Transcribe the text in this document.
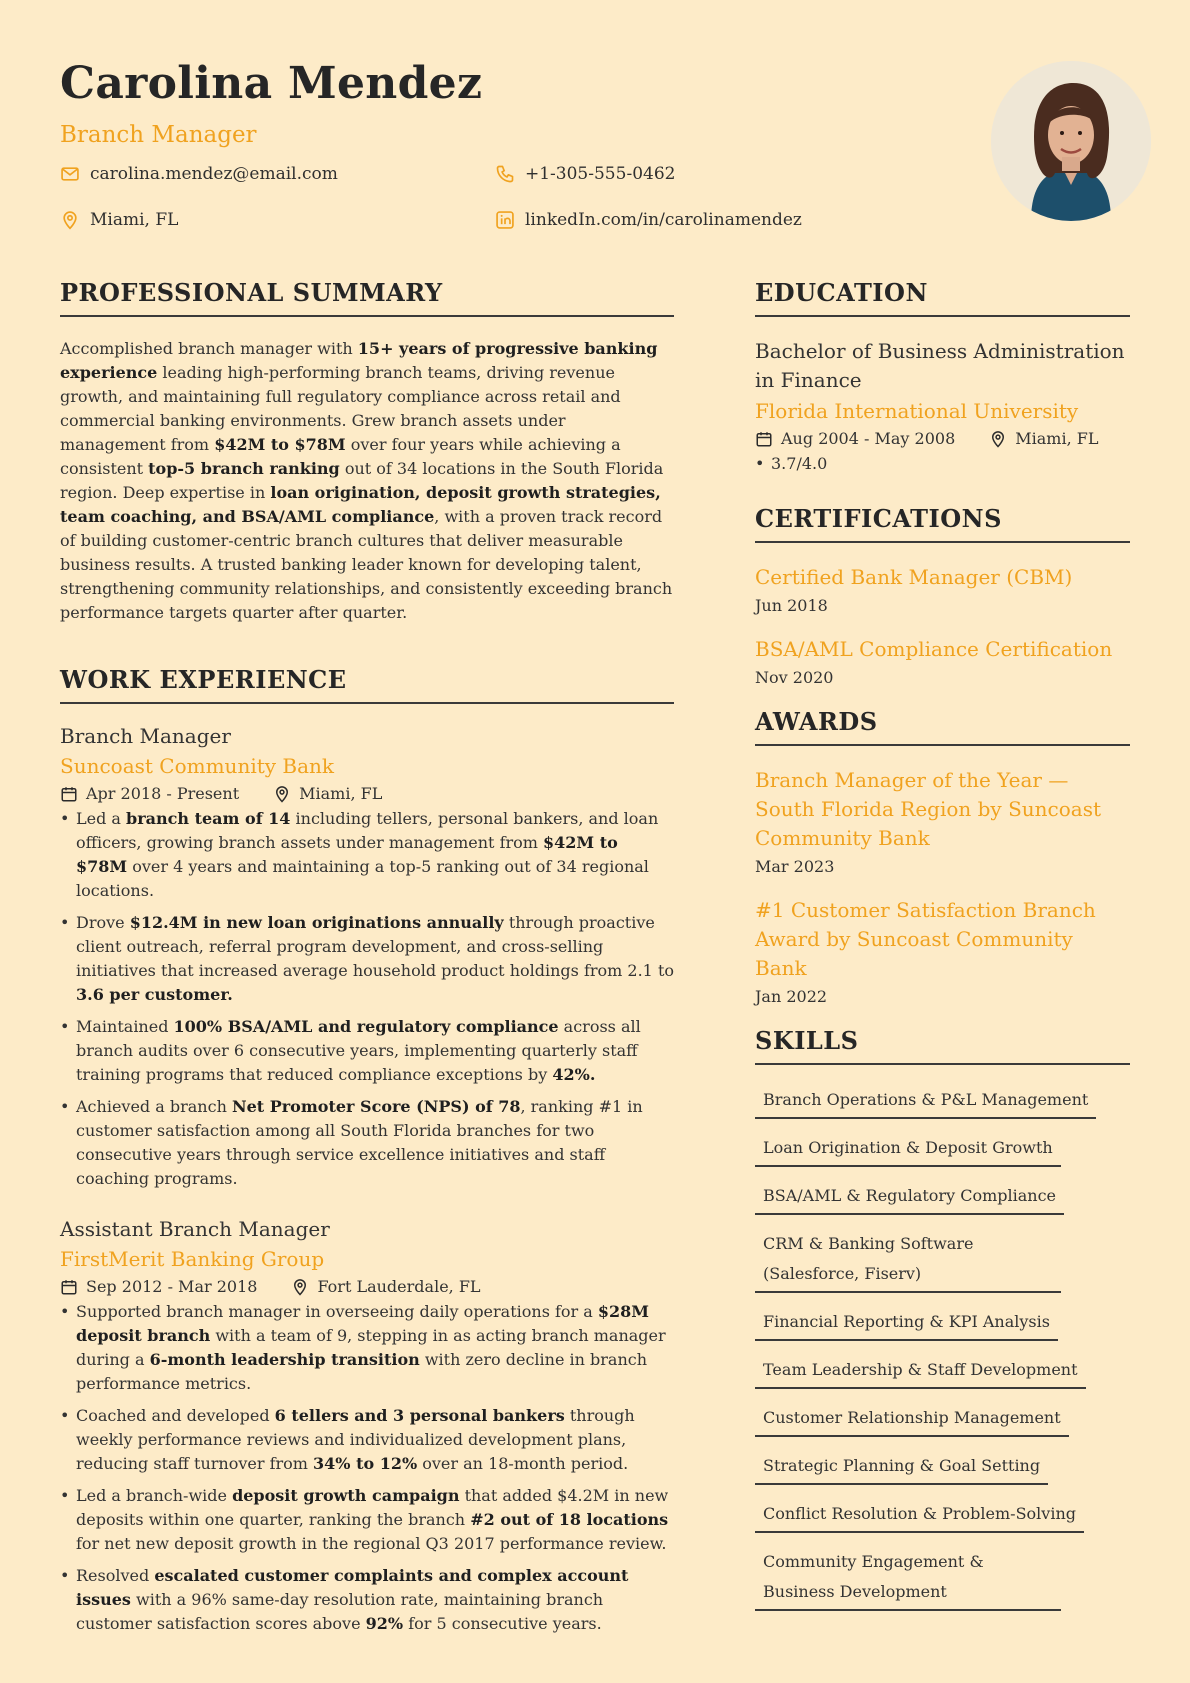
Carolina Mendez
Branch Manager
carolina.mendez@email.com	+1-305-555-0462
Miami, FL	linkedIn.com/in/carolinamendez
PROFESSIONAL SUMMARY

Accomplished branch manager with 15+ years of progressive banking experience leading high-performing branch teams, driving revenue growth, and maintaining full regulatory compliance across retail and commercial banking environments. Grew branch assets under management from $42M to $78M over four years while achieving a consistent top-5 branch ranking out of 34 locations in the South Florida region. Deep expertise in loan origination, deposit growth strategies, team coaching, and BSA/AML compliance, with a proven track record of building customer-centric branch cultures that deliver measurable business results. A trusted banking leader known for developing talent, strengthening community relationships, and consistently exceeding branch performance targets quarter after quarter.

WORK EXPERIENCE
Branch Manager
Suncoast Community Bank
Apr 2018 - Present	Miami, FL
• Led a branch team of 14 including tellers, personal bankers, and loan officers, growing branch assets under management from $42M to $78M over 4 years and maintaining a top-5 ranking out of 34 regional locations.
• Drove $12.4M in new loan originations annually through proactive client outreach, referral program development, and cross-selling initiatives that increased average household product holdings from 2.1 to 3.6 per customer.
• Maintained 100% BSA/AML and regulatory compliance across all branch audits over 6 consecutive years, implementing quarterly staff training programs that reduced compliance exceptions by 42%.
• Achieved a branch Net Promoter Score (NPS) of 78, ranking #1 in customer satisfaction among all South Florida branches for two consecutive years through service excellence initiatives and staff coaching programs.
Assistant Branch Manager
FirstMerit Banking Group
Sep 2012 - Mar 2018	Fort Lauderdale, FL
• Supported branch manager in overseeing daily operations for a $28M deposit branch with a team of 9, stepping in as acting branch manager during a 6-month leadership transition with zero decline in branch performance metrics.
• Coached and developed 6 tellers and 3 personal bankers through weekly performance reviews and individualized development plans, reducing staff turnover from 34% to 12% over an 18-month period.
• Led a branch-wide deposit growth campaign that added $4.2M in new deposits within one quarter, ranking the branch #2 out of 18 locations for net new deposit growth in the regional Q3 2017 performance review.
• Resolved escalated customer complaints and complex account issues with a 96% same-day resolution rate, maintaining branch customer satisfaction scores above 92% for 5 consecutive years.
EDUCATION
Bachelor of Business Administration in Finance
Florida International University
Aug 2004 - May 2008	Miami, FL
• 3.7/4.0
CERTIFICATIONS
Certified Bank Manager (CBM)
Jun 2018
BSA/AML Compliance Certification
Nov 2020
AWARDS
Branch Manager of the Year — South Florida Region by Suncoast Community Bank
Mar 2023
#1 Customer Satisfaction Branch Award by Suncoast Community Bank
Jan 2022
SKILLS
Branch Operations & P&L Management
Loan Origination & Deposit Growth
BSA/AML & Regulatory Compliance
CRM & Banking Software (Salesforce, Fiserv)
Financial Reporting & KPI Analysis
Team Leadership & Staff Development
Customer Relationship Management
Strategic Planning & Goal Setting
Conflict Resolution & Problem-Solving
Community Engagement & Business Development
